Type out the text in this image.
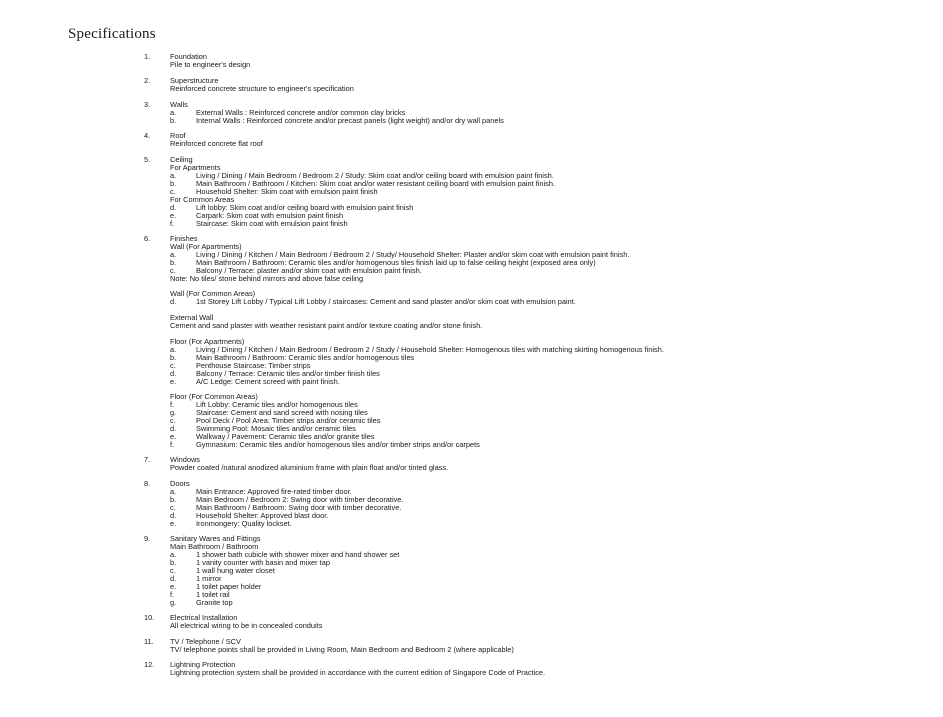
Specifications
1.	Foundation
Pile to engineer's design
2.	Superstructure
Reinforced concrete structure to engineer's specification
3.	Walls
a.	External Walls : Reinforced concrete and/or common clay bricks
b.	Internal Walls : Reinforced concrete and/or precast panels (light weight) and/or dry wall panels
4.	Roof
Reinforced concrete flat roof
5.	Ceiling
For Apartments
a.	Living / Dining / Main Bedroom / Bedroom 2 / Study: Skim coat and/or ceiling board with emulsion paint finish.
b.	Main Bathroom / Bathroom / Kitchen: Skim coat and/or water resistant ceiling board with emulsion paint finish.
c.	Household Shelter: Skim coat with emulsion paint finish
For Common Areas
d.	Lift lobby: Skim coat and/or ceiling board with emulsion paint finish
e.	Carpark: Skim coat with emulsion paint finish
f.	Staircase: Skim coat with emulsion paint finish
6.	Finishes
Wall (For Apartments)
a.	Living / Dining / Kitchen / Main Bedroom / Bedroom 2 / Study/ Household Shelter: Plaster and/or skim coat with emulsion paint finish.
b.	Main Bathroom / Bathroom: Ceramic tiles and/or homogenous tiles finish laid up to false ceiling height (exposed area only)
c.	Balcony / Terrace: plaster and/or skim coat with emulsion paint finish.
Note: No tiles/ stone behind mirrors and above false ceiling
Wall (For Common Areas)
d.	1st Storey Lift Lobby / Typical Lift Lobby / staircases: Cement and sand plaster and/or skim coat with emulsion paint.
External Wall
Cement and sand plaster with weather resistant paint and/or texture coating and/or stone finish.
Floor (For Apartments)
a.	Living / Dining / Kitchen / Main Bedroom / Bedroom 2 / Study / Household Shelter: Homogenous tiles with matching skirting homogenous finish.
b.	Main Bathroom / Bathroom: Ceramic tiles and/or homogenous tiles
c.	Penthouse Staircase: Timber strips
d.	Balcony / Terrace: Ceramic tiles and/or timber finish tiles
e.	A/C Ledge: Cement screed with paint finish.
Floor (For Common Areas)
f.	Lift Lobby: Ceramic tiles and/or homogenous tiles
g.	Staircase: Cement and sand screed with nosing tiles
c.	Pool Deck / Pool Area: Timber strips and/or ceramic tiles
d.	Swimming Pool: Mosaic tiles and/or ceramic tiles
e.	Walkway / Pavement: Ceramic tiles and/or granite tiles
f.	Gymnasium: Ceramic tiles and/or homogenous tiles and/or timber strips and/or carpets
7.	Windows
Powder coated /natural anodized aluminium frame with plain float and/or tinted glass.
8.	Doors
a.	Main Entrance: Approved fire-rated timber door.
b.	Main Bedroom / Bedroom 2: Swing door with timber decorative.
c.	Main Bathroom / Bathroom: Swing door with timber decorative.
d.	Household Shelter: Approved blast door.
e.	Ironmongery: Quality lockset.
9.	Sanitary Wares and Fittings
Main Bathroom / Bathroom
a.	1 shower bath cubicle with shower mixer and hand shower set
b.	1 vanity counter with basin and mixer tap
c.	1 wall hung water closet
d.	1 mirror
e.	1 toilet paper holder
f.	1 toilet rail
g.	Granite top
10. Electrical Installation
All electrical wiring to be in concealed conduits
11. TV / Telephone / SCV
TV/ telephone points shall be provided in Living Room, Main Bedroom and Bedroom 2 (where applicable)
12. Lightning Protection
Lightning protection system shall be provided in accordance with the current edition of Singapore Code of Practice.
